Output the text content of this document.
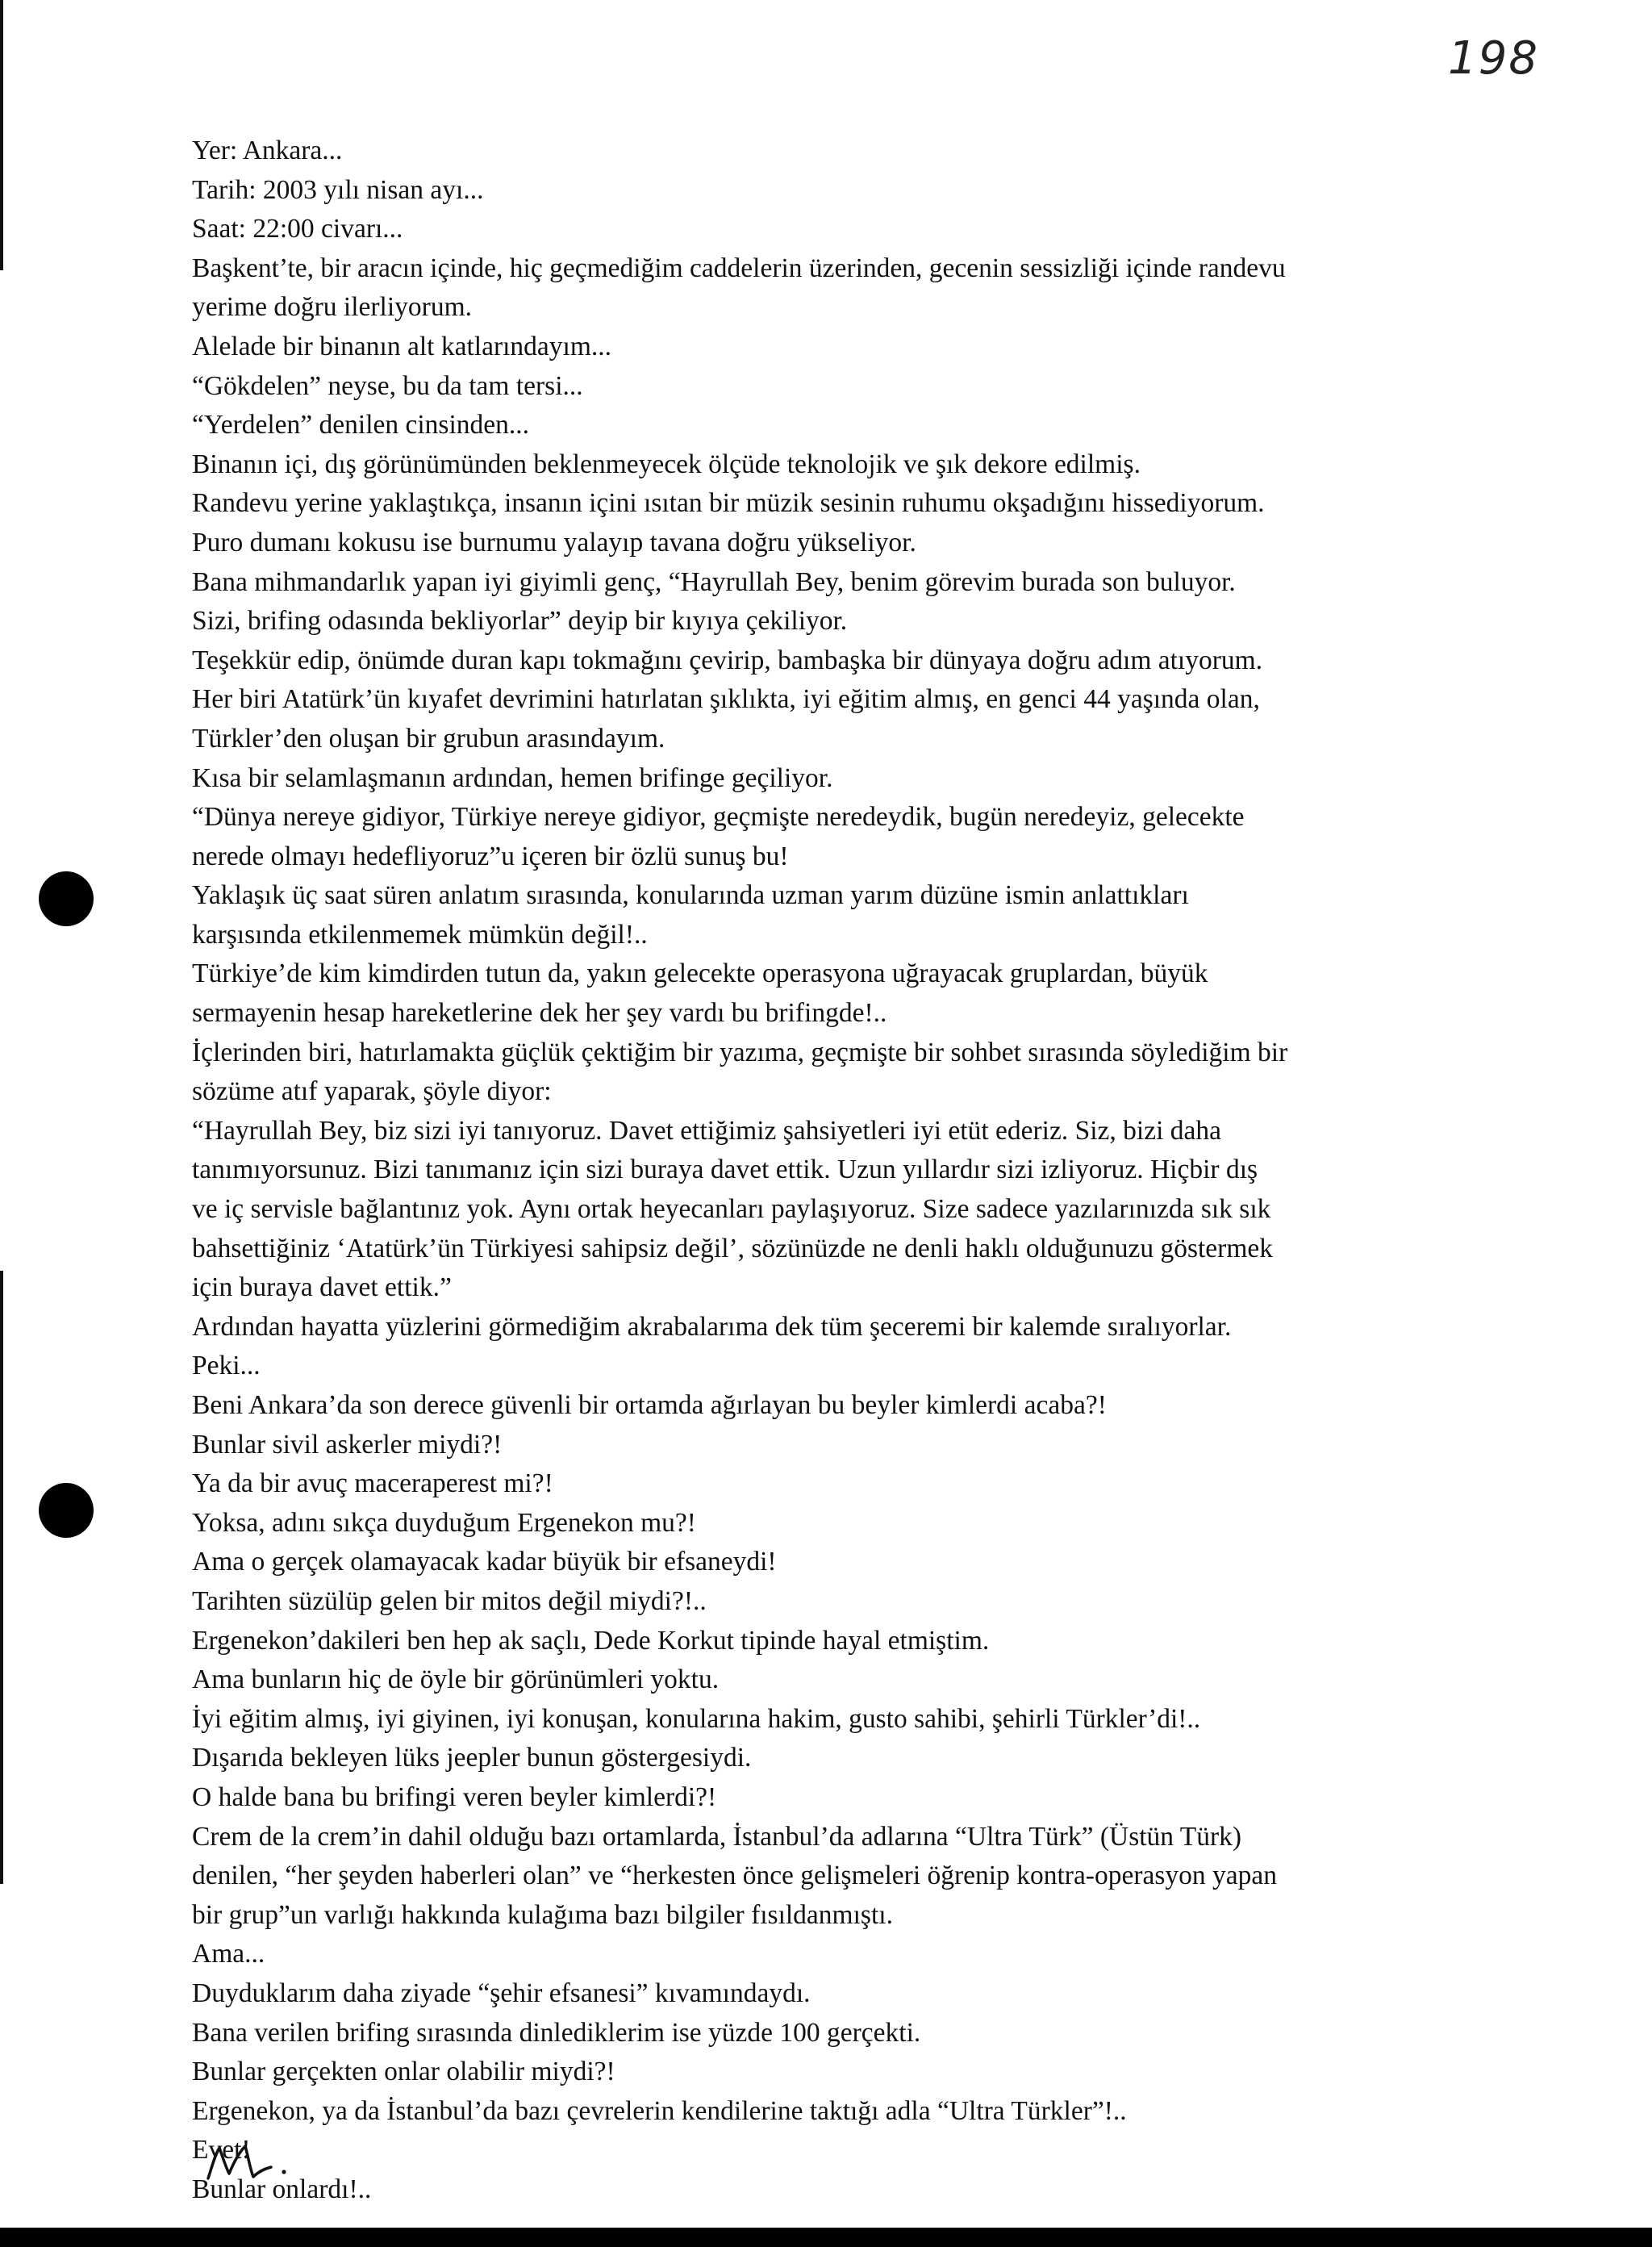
198
Yer: Ankara...
Tarih: 2003 yılı nisan ayı...
Saat: 22:00 civarı...
Başkent’te, bir aracın içinde, hiç geçmediğim caddelerin üzerinden, gecenin sessizliği içinde randevu
yerime doğru ilerliyorum.
Alelade bir binanın alt katlarındayım...
“Gökdelen” neyse, bu da tam tersi...
“Yerdelen” denilen cinsinden...
Binanın içi, dış görünümünden beklenmeyecek ölçüde teknolojik ve şık dekore edilmiş.
Randevu yerine yaklaştıkça, insanın içini ısıtan bir müzik sesinin ruhumu okşadığını hissediyorum.
Puro dumanı kokusu ise burnumu yalayıp tavana doğru yükseliyor.
Bana mihmandarlık yapan iyi giyimli genç, “Hayrullah Bey, benim görevim burada son buluyor.
Sizi, brifing odasında bekliyorlar” deyip bir kıyıya çekiliyor.
Teşekkür edip, önümde duran kapı tokmağını çevirip, bambaşka bir dünyaya doğru adım atıyorum.
Her biri Atatürk’ün kıyafet devrimini hatırlatan şıklıkta, iyi eğitim almış, en genci 44 yaşında olan,
Türkler’den oluşan bir grubun arasındayım.
Kısa bir selamlaşmanın ardından, hemen brifinge geçiliyor.
“Dünya nereye gidiyor, Türkiye nereye gidiyor, geçmişte neredeydik, bugün neredeyiz, gelecekte
nerede olmayı hedefliyoruz”u içeren bir özlü sunuş bu!
Yaklaşık üç saat süren anlatım sırasında, konularında uzman yarım düzüne ismin anlattıkları
karşısında etkilenmemek mümkün değil!..
Türkiye’de kim kimdirden tutun da, yakın gelecekte operasyona uğrayacak gruplardan, büyük
sermayenin hesap hareketlerine dek her şey vardı bu brifingde!..
İçlerinden biri, hatırlamakta güçlük çektiğim bir yazıma, geçmişte bir sohbet sırasında söylediğim bir
sözüme atıf yaparak, şöyle diyor:
“Hayrullah Bey, biz sizi iyi tanıyoruz. Davet ettiğimiz şahsiyetleri iyi etüt ederiz. Siz, bizi daha
tanımıyorsunuz. Bizi tanımanız için sizi buraya davet ettik. Uzun yıllardır sizi izliyoruz. Hiçbir dış
ve iç servisle bağlantınız yok. Aynı ortak heyecanları paylaşıyoruz. Size sadece yazılarınızda sık sık
bahsettiğiniz ‘Atatürk’ün Türkiyesi sahipsiz değil’, sözünüzde ne denli haklı olduğunuzu göstermek
için buraya davet ettik.”
Ardından hayatta yüzlerini görmediğim akrabalarıma dek tüm şeceremi bir kalemde sıralıyorlar.
Peki...
Beni Ankara’da son derece güvenli bir ortamda ağırlayan bu beyler kimlerdi acaba?!
Bunlar sivil askerler miydi?!
Ya da bir avuç maceraperest mi?!
Yoksa, adını sıkça duyduğum Ergenekon mu?!
Ama o gerçek olamayacak kadar büyük bir efsaneydi!
Tarihten süzülüp gelen bir mitos değil miydi?!..
Ergenekon’dakileri ben hep ak saçlı, Dede Korkut tipinde hayal etmiştim.
Ama bunların hiç de öyle bir görünümleri yoktu.
İyi eğitim almış, iyi giyinen, iyi konuşan, konularına hakim, gusto sahibi, şehirli Türkler’di!..
Dışarıda bekleyen lüks jeepler bunun göstergesiydi.
O halde bana bu brifingi veren beyler kimlerdi?!
Crem de la crem’in dahil olduğu bazı ortamlarda, İstanbul’da adlarına “Ultra Türk” (Üstün Türk)
denilen, “her şeyden haberleri olan” ve “herkesten önce gelişmeleri öğrenip kontra-operasyon yapan
bir grup”un varlığı hakkında kulağıma bazı bilgiler fısıldanmıştı.
Ama...
Duyduklarım daha ziyade “şehir efsanesi” kıvamındaydı.
Bana verilen brifing sırasında dinlediklerim ise yüzde 100 gerçekti.
Bunlar gerçekten onlar olabilir miydi?!
Ergenekon, ya da İstanbul’da bazı çevrelerin kendilerine taktığı adla “Ultra Türkler”!..
Evet!
Bunlar onlardı!..
